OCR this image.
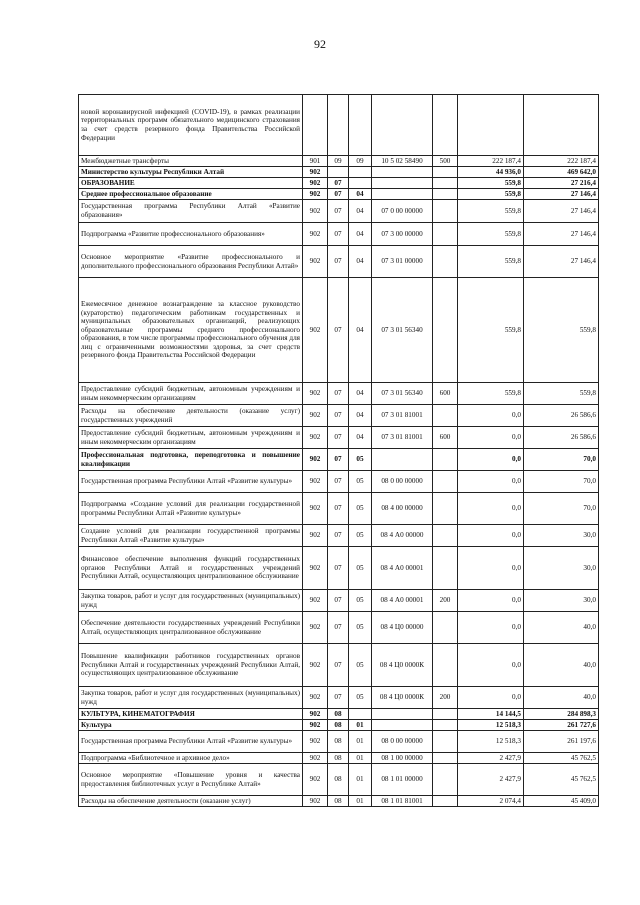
92
новой коронавирусной инфекцией (COVID-19), в рамках реализации территориальных программ обязательного медицинского страхования за счет средств резервного фонда Правительства Российской Федерации							
Межбюджетные трансферты	901	09	09	10 5 02 58490	500	222 187,4	222 187,4
Министерство культуры Республики Алтай	902					44 936,0	469 642,0
ОБРАЗОВАНИЕ	902	07				559,8	27 216,4
Среднее профессиональное образование	902	07	04			559,8	27 146,4
Государственная программа Республики Алтай «Развитие образования»	902	07	04	07 0 00 00000		559,8	27 146,4
Подпрограмма «Развитие профессионального образования»	902	07	04	07 3 00 00000		559,8	27 146,4
Основное мероприятие «Развитие профессионального и дополнительного профессионального образования Республики Алтай»	902	07	04	07 3 01 00000		559,8	27 146,4
Ежемесячное денежное вознаграждение за классное руководство (кураторство) педагогическим работникам государственных и муниципальных образовательных организаций, реализующих образовательные программы среднего профессионального образования, в том числе программы профессионального обучения для лиц с ограниченными возможностями здоровья, за счет средств резервного фонда Правительства Российской Федерации	902	07	04	07 3 01 56340		559,8	559,8
Предоставление субсидий бюджетным, автономным учреждениям и иным некоммерческим организациям	902	07	04	07 3 01 56340	600	559,8	559,8
Расходы на обеспечение деятельности (оказание услуг) государственных учреждений	902	07	04	07 3 01 81001		0,0	26 586,6
Предоставление субсидий бюджетным, автономным учреждениям и иным некоммерческим организациям	902	07	04	07 3 01 81001	600	0,0	26 586,6
Профессиональная подготовка, переподготовка и повышение квалификации	902	07	05			0,0	70,0
Государственная программа Республики Алтай «Развитие культуры»	902	07	05	08 0 00 00000		0,0	70,0
Подпрограмма «Создание условий для реализации государственной программы Республики Алтай «Развитие культуры»	902	07	05	08 4 00 00000		0,0	70,0
Создание условий для реализации государственной программы Республики Алтай «Развитие культуры»	902	07	05	08 4 А0 00000		0,0	30,0
Финансовое обеспечение выполнения функций государственных органов Республики Алтай и государственных учреждений Республики Алтай, осуществляющих централизованное обслуживание	902	07	05	08 4 А0 00001		0,0	30,0
Закупка товаров, работ и услуг для государственных (муниципальных) нужд	902	07	05	08 4 А0 00001	200	0,0	30,0
Обеспечение деятельности государственных учреждений Республики Алтай, осуществляющих централизованное обслуживание	902	07	05	08 4 Ц0 00000		0,0	40,0
Повышение квалификации работников государственных органов Республики Алтай и государственных учреждений Республики Алтай, осуществляющих централизованное обслуживание	902	07	05	08 4 Ц0 0000К		0,0	40,0
Закупка товаров, работ и услуг для государственных (муниципальных) нужд	902	07	05	08 4 Ц0 0000К	200	0,0	40,0
КУЛЬТУРА, КИНЕМАТОГРАФИЯ	902	08				14 144,5	284 898,3
Культура	902	08	01			12 518,3	261 727,6
Государственная программа Республики Алтай «Развитие культуры»	902	08	01	08 0 00 00000		12 518,3	261 197,6
Подпрограмма «Библиотечное и архивное дело»	902	08	01	08 1 00 00000		2 427,9	45 762,5
Основное мероприятие «Повышение уровня и качества предоставления библиотечных услуг в Республике Алтай»	902	08	01	08 1 01 00000		2 427,9	45 762,5
Расходы на обеспечение деятельности (оказание услуг)	902	08	01	08 1 01 81001		2 074,4	45 409,0
